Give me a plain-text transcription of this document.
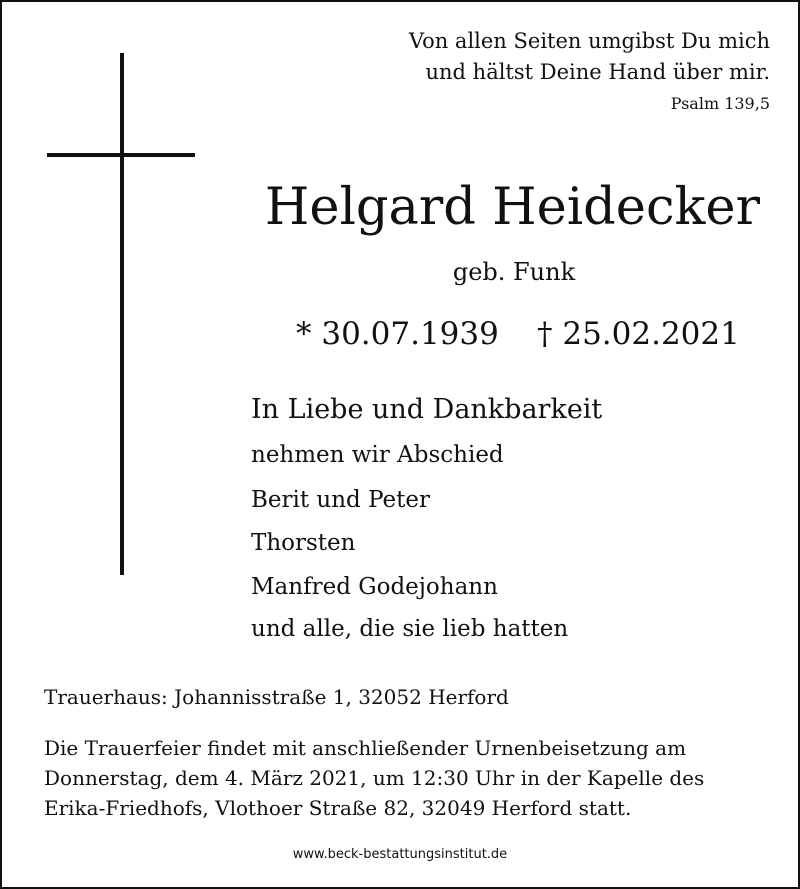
Von allen Seiten umgibst Du mich
und hältst Deine Hand über mir.
Psalm 139,5
Helgard Heidecker
geb. Funk
* 30.07.1939 † 25.02.2021
In Liebe und Dankbarkeit
nehmen wir Abschied
Berit und Peter
Thorsten
Manfred Godejohann
und alle, die sie lieb hatten
Trauerhaus: Johannisstraße 1, 32052 Herford
Die Trauerfeier findet mit anschließender Urnenbeisetzung am
Donnerstag, dem 4. März 2021, um 12:30 Uhr in der Kapelle des
Erika-Friedhofs, Vlothoer Straße 82, 32049 Herford statt.
www.beck-bestattungsinstitut.de
